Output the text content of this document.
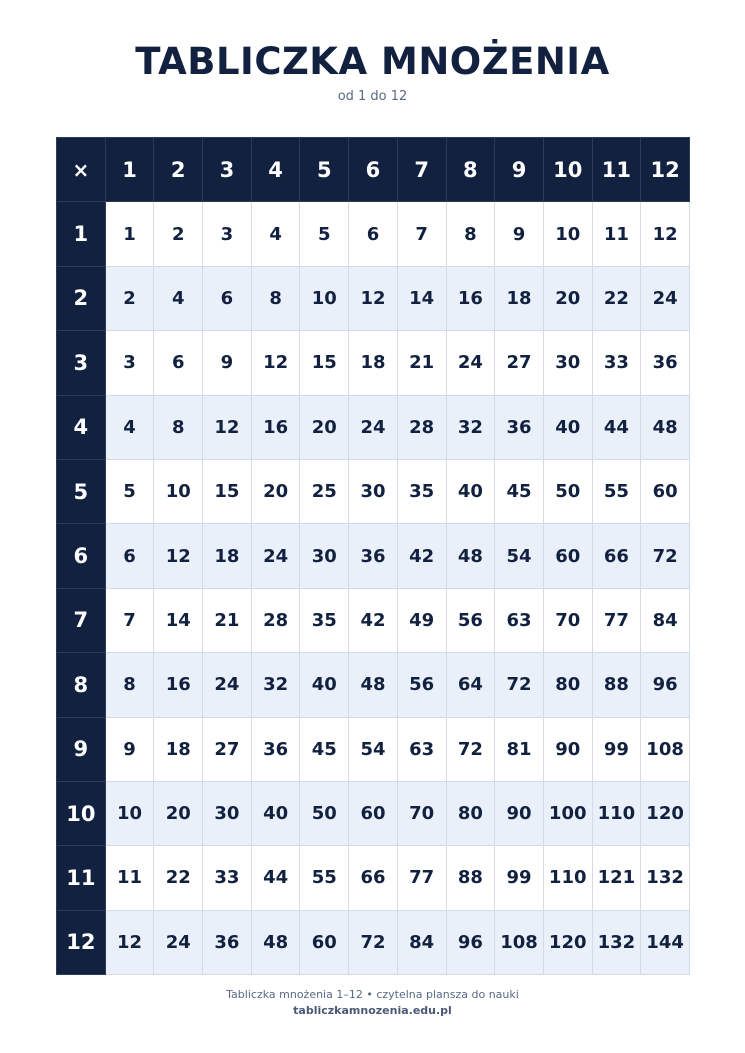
TABLICZKA MNOŻENIA
od 1 do 12
×	1	2	3	4	5	6	7	8	9	10	11	12
1	1	2	3	4	5	6	7	8	9	10	11	12
2	2	4	6	8	10	12	14	16	18	20	22	24
3	3	6	9	12	15	18	21	24	27	30	33	36
4	4	8	12	16	20	24	28	32	36	40	44	48
5	5	10	15	20	25	30	35	40	45	50	55	60
6	6	12	18	24	30	36	42	48	54	60	66	72
7	7	14	21	28	35	42	49	56	63	70	77	84
8	8	16	24	32	40	48	56	64	72	80	88	96
9	9	18	27	36	45	54	63	72	81	90	99	108
10	10	20	30	40	50	60	70	80	90	100	110	120
11	11	22	33	44	55	66	77	88	99	110	121	132
12	12	24	36	48	60	72	84	96	108	120	132	144
Tabliczka mnożenia 1–12 • czytelna plansza do nauki
tabliczkamnozenia.edu.pl
